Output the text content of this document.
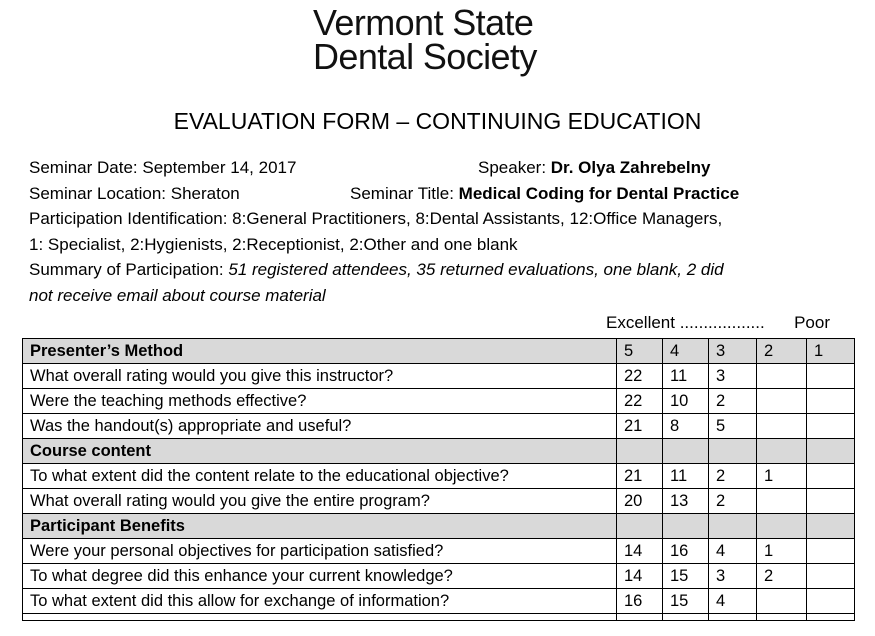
Vermont State
Dental Society
EVALUATION FORM – CONTINUING EDUCATION
Seminar Date: September 14, 2017	Speaker: Dr. Olya Zahrebelny
Seminar Location: Sheraton	Seminar Title: Medical Coding for Dental Practice
Participation Identification: 8:General Practitioners, 8:Dental Assistants, 12:Office Managers,
1: Specialist, 2:Hygienists, 2:Receptionist, 2:Other and one blank
Summary of Participation: 51 registered attendees, 35 returned evaluations, one blank, 2 did
not receive email about course material
Excellent .................. Poor
Presenter’s Method	5	4	3	2	1
What overall rating would you give this instructor?	22	11	3		
Were the teaching methods effective?	22	10	2		
Was the handout(s) appropriate and useful?	21	8	5		
Course content					
To what extent did the content relate to the educational objective?	21	11	2	1	
What overall rating would you give the entire program?	20	13	2		
Participant Benefits					
Were your personal objectives for participation satisfied?	14	16	4	1	
To what degree did this enhance your current knowledge?	14	15	3	2	
To what extent did this allow for exchange of information?	16	15	4		
